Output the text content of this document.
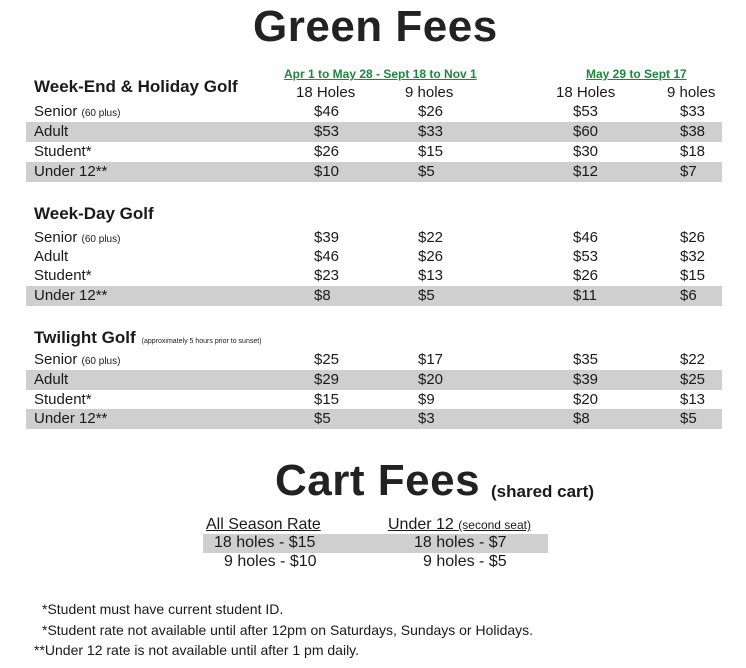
Green Fees
Apr 1 to May 28 - Sept 18 to Nov 1	May 29 to Sept 17
18 Holes	9 holes	18 Holes	9 holes
Week-End & Holiday Golf
Senior (60 plus)	$46	$26	$53	$33
Adult	$53	$33	$60	$38
Student*	$26	$15	$30	$18
Under 12**	$10	$5	$12	$7
Week-Day Golf
Senior (60 plus)	$39	$22	$46	$26
Adult	$46	$26	$53	$32
Student*	$23	$13	$26	$15
Under 12**	$8	$5	$11	$6
Twilight Golf (approximately 5 hours prior to sunset)
Senior (60 plus)	$25	$17	$35	$22
Adult	$29	$20	$39	$25
Student*	$15	$9	$20	$13
Under 12**	$5	$3	$8	$5
Cart Fees (shared cart)
All Season Rate	Under 12 (second seat)
18 holes - $15	18 holes - $7
9 holes - $10	9 holes - $5
*Student must have current student ID.
*Student rate not available until after 12pm on Saturdays, Sundays or Holidays.
**Under 12 rate is not available until after 1 pm daily.
